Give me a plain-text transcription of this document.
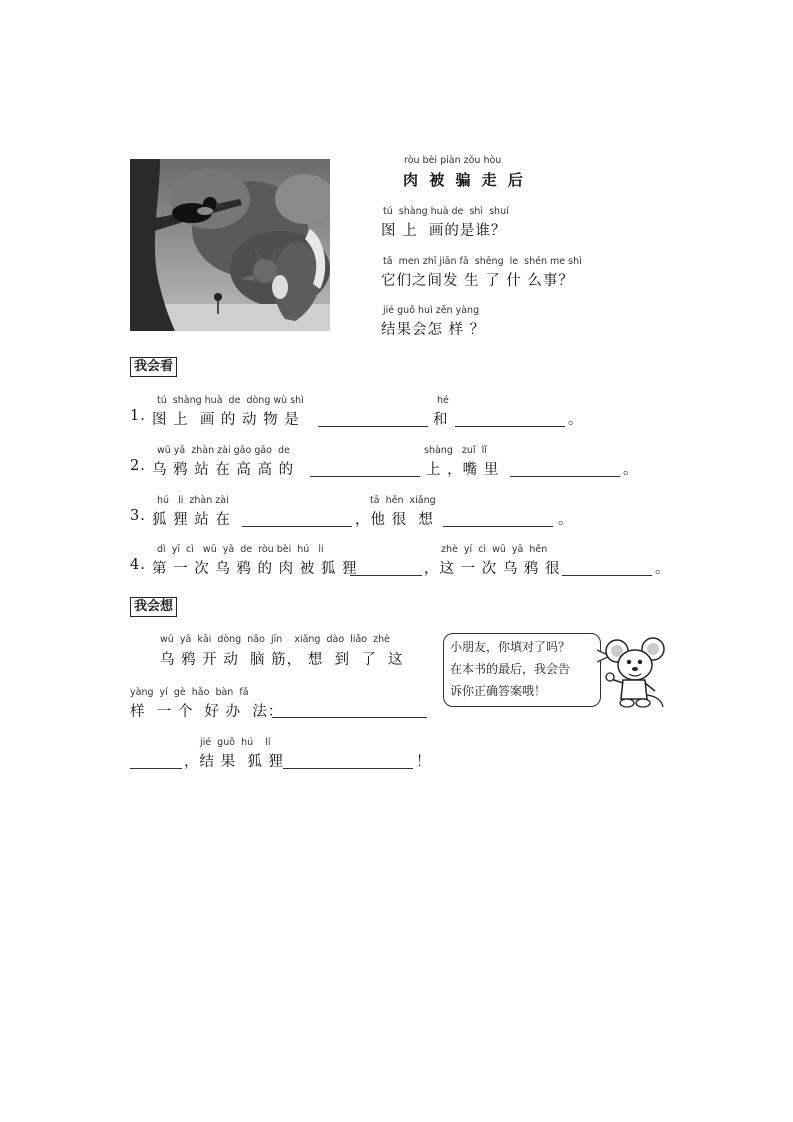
ròu bèi piàn zǒu hòu
肉 被 骗 走 后
tú  shàng huà de  shì  shuí
图 上  画的是谁？
tā  men zhī jiān fā  shēng  le  shén me shì
它们之间发 生 了 什 么事？
jié guǒ huì zěn yàng
结果会怎 样 ？
我会看
tú  shàng huà  de  dòng wù shì	hé
1. 图 上  画 的 动 物 是	和	。
wū yā  zhàn zài gāo gāo  de	shàng   zuǐ  lǐ
2. 乌 鸦 站 在 高 高 的	上 ，嘴 里	。
hú   li  zhàn zài	tā  hěn  xiǎng
3. 狐 狸 站 在	，他 很  想	。
dì  yī  cì   wū  yā  de  ròu bèi  hú   li	zhè  yí  cì  wū  yā  hěn
4. 第 一 次 乌 鸦 的 肉 被 狐 狸	，这 一 次 乌 鸦 很	。
我会想
wū  yā  kāi  dòng  nǎo  jīn    xiǎng  dào  liǎo  zhè
乌 鸦 开 动  脑 筋， 想  到  了  这
yàng  yí  gè  hǎo  bàn  fǎ
样  一 个  好 办  法：
jié  guǒ  hú    lí
，结 果  狐 狸	！
小朋友，你填对了吗？
在本书的最后，我会告
诉你正确答案哦！
